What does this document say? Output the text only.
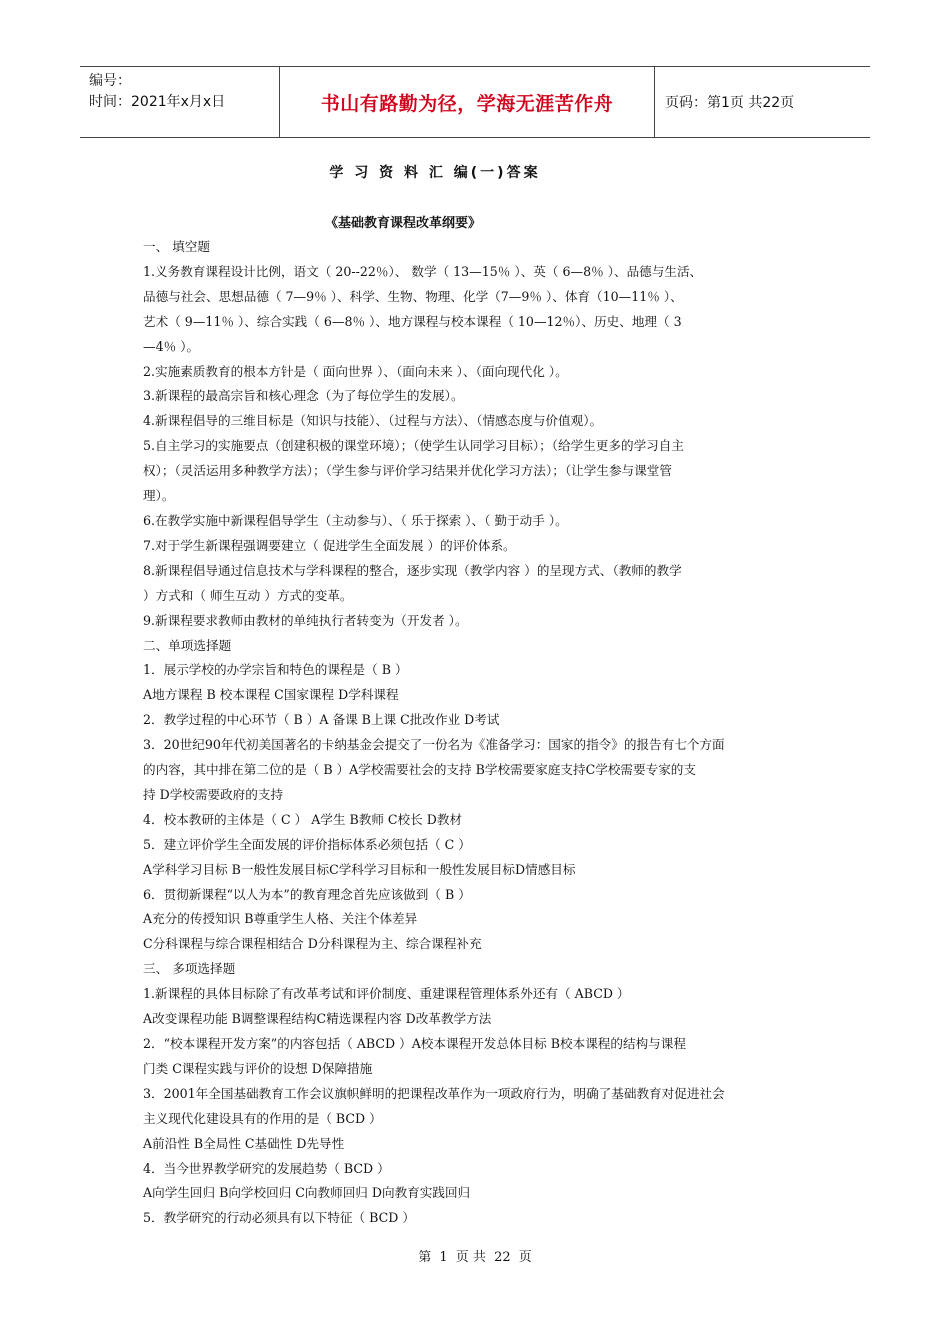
编号：
时间：2021年x月x日	书山有路勤为径，学海无涯苦作舟	页码：第1页 共22页
学 习 资 料 汇 编(一)答案
《基础教育课程改革纲要》

一、 填空题

1.义务教育课程设计比例，语文（ 20--22％）、 数学（ 13—15％ ）、英（ 6—8％ ）、品德与生活、

品德与社会、思想品德（ 7—9％ ）、科学、生物、物理、化学（7—9％ ）、体育（10—11％ ）、

艺术（ 9—11％ ）、综合实践（ 6—8％ ）、地方课程与校本课程（ 10—12％）、历史、地理（ 3

—4％ ）。

2.实施素质教育的根本方针是（ 面向世界 ）、（面向未来 ）、（面向现代化 ）。

3.新课程的最高宗旨和核心理念（为了每位学生的发展）。

4.新课程倡导的三维目标是（知识与技能）、（过程与方法）、（情感态度与价值观）。

5.自主学习的实施要点（创建积极的课堂环境）；（使学生认同学习目标）；（给学生更多的学习自主

权）；（灵活运用多种教学方法）；（学生参与评价学习结果并优化学习方法）；（让学生参与课堂管

理）。

6.在教学实施中新课程倡导学生（主动参与）、（ 乐于探索 ）、（ 勤于动手 ）。

7.对于学生新课程强调要建立（ 促进学生全面发展 ）的评价体系。

8.新课程倡导通过信息技术与学科课程的整合，逐步实现（教学内容 ）的呈现方式、（教师的教学

）方式和（ 师生互动 ）方式的变革。

9.新课程要求教师由教材的单纯执行者转变为（开发者 ）。

二、单项选择题

1．展示学校的办学宗旨和特色的课程是（ B ）

A地方课程 B 校本课程 C国家课程 D学科课程

2．教学过程的中心环节（ B ）A 备课 B上课 C批改作业 D考试

3．20世纪90年代初美国著名的卡纳基金会提交了一份名为《准备学习：国家的指令》的报告有七个方面

的内容，其中排在第二位的是（ B ）A学校需要社会的支持 B学校需要家庭支持C学校需要专家的支

持 D学校需要政府的支持

4．校本教研的主体是（ C ） A学生 B教师 C校长 D教材

5．建立评价学生全面发展的评价指标体系必须包括（ C ）

A学科学习目标 B一般性发展目标C学科学习目标和一般性发展目标D情感目标

6．贯彻新课程“以人为本”的教育理念首先应该做到（ B ）

A充分的传授知识 B尊重学生人格、关注个体差异

C分科课程与综合课程相结合 D分科课程为主、综合课程补充

三、 多项选择题

1.新课程的具体目标除了有改革考试和评价制度、重建课程管理体系外还有（ ABCD ）

A改变课程功能 B调整课程结构C精选课程内容 D改革教学方法

2．“校本课程开发方案”的内容包括（ ABCD ）A校本课程开发总体目标 B校本课程的结构与课程

门类 C课程实践与评价的设想 D保障措施

3．2001年全国基础教育工作会议旗帜鲜明的把课程改革作为一项政府行为，明确了基础教育对促进社会

主义现代化建设具有的作用的是（ BCD ）

A前沿性 B全局性 C基础性 D先导性

4．当今世界教学研究的发展趋势（ BCD ）

A向学生回归 B向学校回归 C向教师回归 D向教育实践回归

5．教学研究的行动必须具有以下特征（ BCD ）

第 1 页 共 22 页
